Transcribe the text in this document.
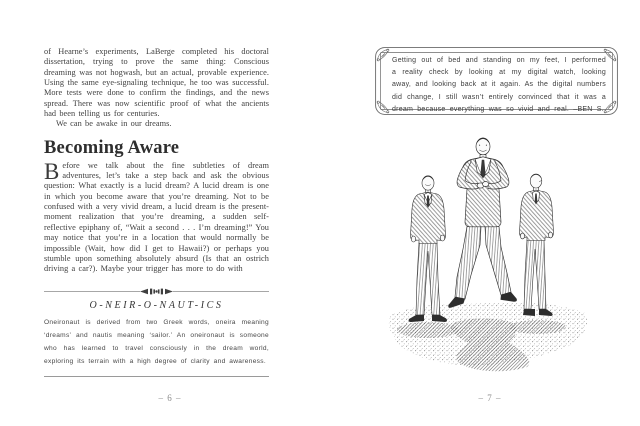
of Hearne’s experiments, LaBerge completed his doctoral dissertation, trying to prove the same thing: Conscious dreaming was not hogwash, but an actual, provable experience. Using the same eye-signaling technique, he too was successful. More tests were done to confirm the findings, and the news spread. There was now scientific proof of what the ancients had been telling us for centuries.

We can be awake in our dreams.

Becoming Aware

Before we talk about the fine subtleties of dream adventures, let’s take a step back and ask the obvious question: What exactly is a lucid dream? A lucid dream is one in which you become aware that you’re dreaming. Not to be confused with a very vivid dream, a lucid dream is the present-moment realization that you’re dreaming, a sudden self-reflective epiphany of, “Wait a second . . . I’m dreaming!” You may notice that you’re in a location that would normally be impossible (Wait, how did I get to Hawaii?) or perhaps you stumble upon something absolutely absurd (Is that an ostrich driving a car?). Maybe your trigger has more to do with

O-NEIR-O-NAUT-ICS

Oneironaut is derived from two Greek words, oneira meaning ‘dreams’ and nautis meaning ‘sailor.’ An oneironaut is someone who has learned to travel consciously in the dream world, exploring its terrain with a high degree of clarity and awareness.

– 6 –
Getting out of bed and standing on my feet, I performed a reality check by looking at my digital watch, looking away, and looking back at it again. As the digital numbers did change, I still wasn’t entirely convinced that it was a dream because everything was so vivid and real. –BEN S.
– 7 –
